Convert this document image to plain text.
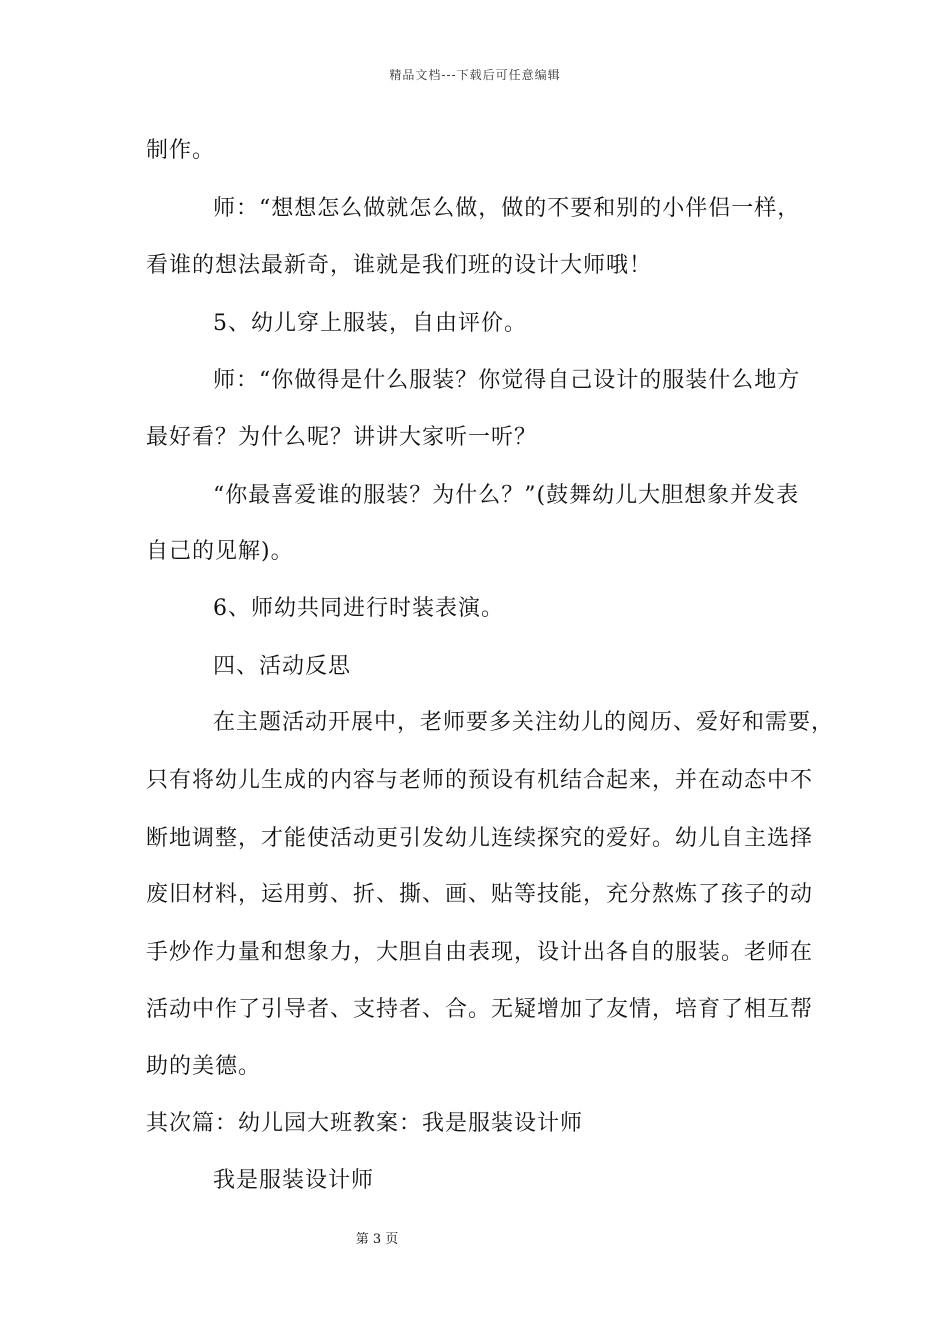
精品文档---下载后可任意编辑
制作。
师：“想想怎么做就怎么做，做的不要和别的小伴侣一样，
看谁的想法最新奇，谁就是我们班的设计大师哦！
5、幼儿穿上服装，自由评价。
师：“你做得是什么服装？你觉得自己设计的服装什么地方
最好看？为什么呢？讲讲大家听一听？
“你最喜爱谁的服装？为什么？”(鼓舞幼儿大胆想象并发表
自己的见解)。
6、师幼共同进行时装表演。
四、活动反思
在主题活动开展中，老师要多关注幼儿的阅历、爱好和需要，
只有将幼儿生成的内容与老师的预设有机结合起来，并在动态中不
断地调整，才能使活动更引发幼儿连续探究的爱好。幼儿自主选择
废旧材料，运用剪、折、撕、画、贴等技能，充分熬炼了孩子的动
手炒作力量和想象力，大胆自由表现，设计出各自的服装。老师在
活动中作了引导者、支持者、合。无疑增加了友情，培育了相互帮
助的美德。
其次篇：幼儿园大班教案：我是服装设计师
我是服装设计师
第 3 页
